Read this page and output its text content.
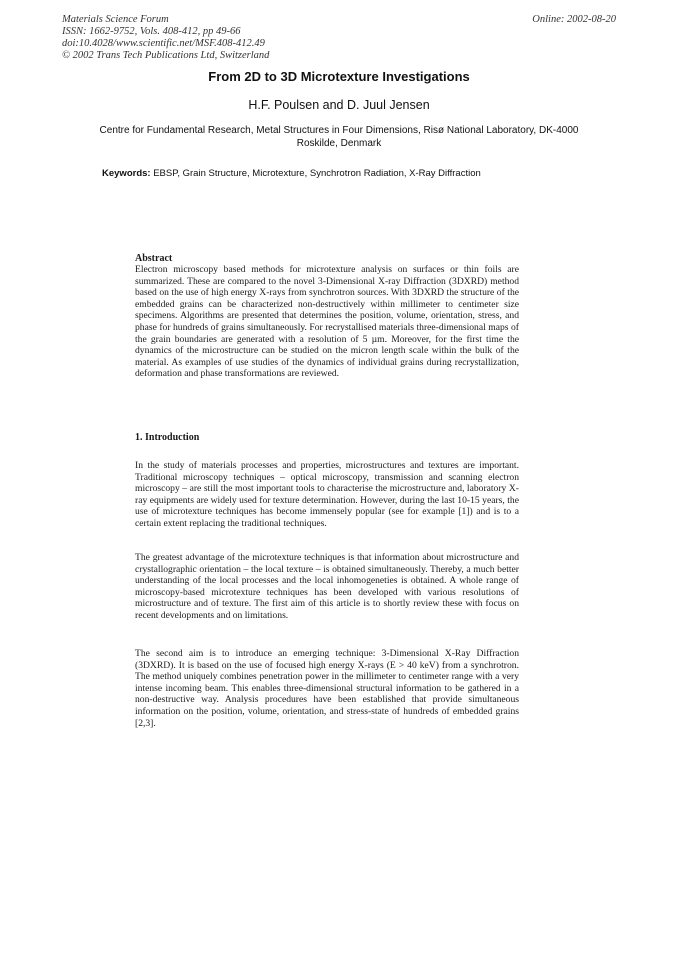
Materials Science Forum
ISSN: 1662-9752, Vols. 408-412, pp 49-66
doi:10.4028/www.scientific.net/MSF.408-412.49
© 2002 Trans Tech Publications Ltd, Switzerland
Online: 2002-08-20
From 2D to 3D Microtexture Investigations
H.F. Poulsen and D. Juul Jensen
Centre for Fundamental Research, Metal Structures in Four Dimensions, Risø National Laboratory, DK-4000 Roskilde, Denmark
Keywords: EBSP, Grain Structure, Microtexture, Synchrotron Radiation, X-Ray Diffraction
Abstract
Electron microscopy based methods for microtexture analysis on surfaces or thin foils are summarized. These are compared to the novel 3-Dimensional X-ray Diffraction (3DXRD) method based on the use of high energy X-rays from synchrotron sources. With 3DXRD the structure of the embedded grains can be characterized non-destructively within millimeter to centimeter size specimens. Algorithms are presented that determines the position, volume, orientation, stress, and phase for hundreds of grains simultaneously. For recrystallised materials three-dimensional maps of the grain boundaries are generated with a resolution of 5 µm. Moreover, for the first time the dynamics of the microstructure can be studied on the micron length scale within the bulk of the material. As examples of use studies of the dynamics of individual grains during recrystallization, deformation and phase transformations are reviewed.
1. Introduction
In the study of materials processes and properties, microstructures and textures are important. Traditional microscopy techniques – optical microscopy, transmission and scanning electron microscopy – are still the most important tools to characterise the microstructure and, laboratory X-ray equipments are widely used for texture determination. However, during the last 10-15 years, the use of microtexture techniques has become immensely popular (see for example [1]) and is to a certain extent replacing the traditional techniques.
The greatest advantage of the microtexture techniques is that information about microstructure and crystallographic orientation – the local texture – is obtained simultaneously. Thereby, a much better understanding of the local processes and the local inhomogeneties is obtained. A whole range of microscopy-based microtexture techniques has been developed with various resolutions of microstructure and of texture. The first aim of this article is to shortly review these with focus on recent developments and on limitations.
The second aim is to introduce an emerging technique: 3-Dimensional X-Ray Diffraction (3DXRD). It is based on the use of focused high energy X-rays (E > 40 keV) from a synchrotron. The method uniquely combines penetration power in the millimeter to centimeter range with a very intense incoming beam. This enables three-dimensional structural information to be gathered in a non-destructive way. Analysis procedures have been established that provide simultaneous information on the position, volume, orientation, and stress-state of hundreds of embedded grains [2,3].
